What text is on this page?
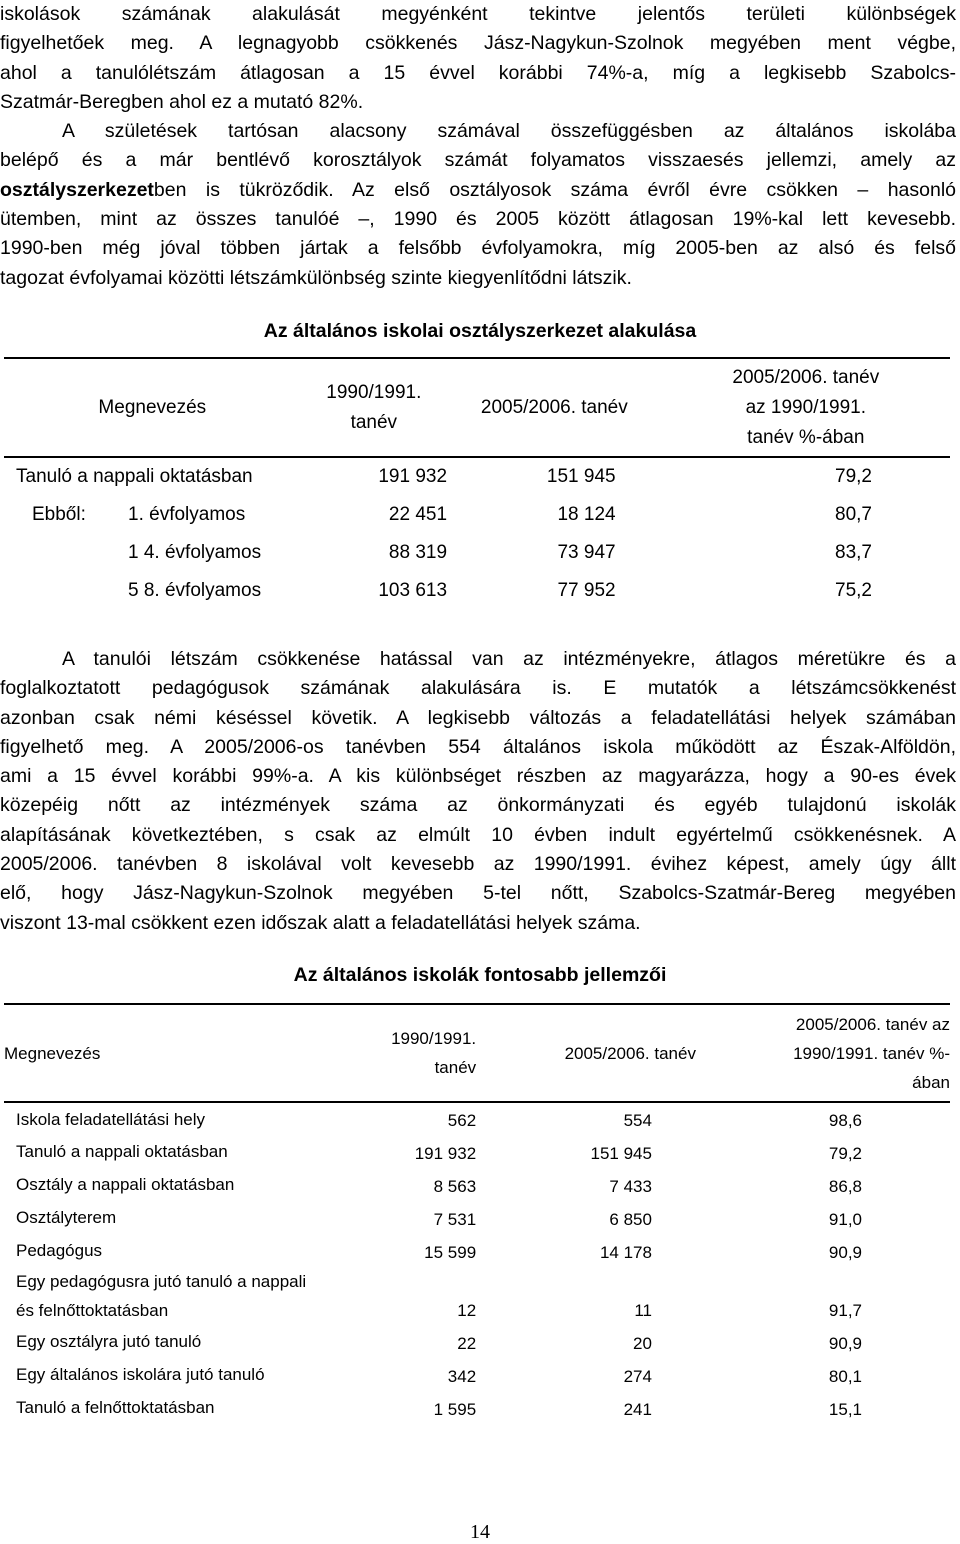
iskolások számának alakulását megyénként tekintve jelentős területi különbségek
figyelhetőek meg. A legnagyobb csökkenés Jász-Nagykun-Szolnok megyében ment végbe,
ahol a tanulólétszám átlagosan a 15 évvel korábbi 74%-a, míg a legkisebb Szabolcs-
Szatmár-Beregben ahol ez a mutató 82%.
A születések tartósan alacsony számával összefüggésben az általános iskolába
belépő és a már bentlévő korosztályok számát folyamatos visszaesés jellemzi, amely az
osztályszerkezetben is tükröződik. Az első osztályosok száma évről évre csökken – hasonló
ütemben, mint az összes tanulóé –, 1990 és 2005 között átlagosan 19%-kal lett kevesebb.
1990-ben még jóval többen jártak a felsőbb évfolyamokra, míg 2005-ben az alsó és felső
tagozat évfolyamai közötti létszámkülönbség szinte kiegyenlítődni látszik.
Az általános iskolai osztályszerkezet alakulása
Megnevezés	1990/1991. tanév	2005/2006. tanév	2005/2006. tanév
az 1990/1991.
tanév %-ában

Tanuló a nappali oktatásban	191 932	151 945	79,2
Ebből: 1. évfolyamos	22 451	18 124	80,7
1 4. évfolyamos	88 319	73 947	83,7
5 8. évfolyamos	103 613	77 952	75,2
A tanulói létszám csökkenése hatással van az intézményekre, átlagos méretükre és a
foglalkoztatott pedagógusok számának alakulására is. E mutatók a létszámcsökkenést
azonban csak némi késéssel követik. A legkisebb változás a feladatellátási helyek számában
figyelhető meg. A 2005/2006-os tanévben 554 általános iskola működött az Észak-Alföldön,
ami a 15 évvel korábbi 99%-a. A kis különbséget részben az magyarázza, hogy a 90-es évek
közepéig nőtt az intézmények száma az önkormányzati és egyéb tulajdonú iskolák
alapításának következtében, s csak az elmúlt 10 évben indult egyértelmű csökkenésnek. A
2005/2006. tanévben 8 iskolával volt kevesebb az 1990/1991. évihez képest, amely úgy állt
elő, hogy Jász-Nagykun-Szolnok megyében 5-tel nőtt, Szabolcs-Szatmár-Bereg megyében
viszont 13-mal csökkent ezen időszak alatt a feladatellátási helyek száma.
Az általános iskolák fontosabb jellemzői
Megnevezés	1990/1991. tanév	2005/2006. tanév	2005/2006. tanév az
1990/1991. tanév %-
ában

Iskola feladatellátási hely	562	554	98,6
Tanuló a nappali oktatásban	191 932	151 945	79,2
Osztály a nappali oktatásban	8 563	7 433	86,8
Osztályterem	7 531	6 850	91,0
Pedagógus	15 599	14 178	90,9

Egy pedagógusra jutó tanuló a nappali
és felnőttoktatásban	12	11	91,7
Egy osztályra jutó tanuló	22	20	90,9
Egy általános iskolára jutó tanuló	342	274	80,1
Tanuló a felnőttoktatásban	1 595	241	15,1
14
